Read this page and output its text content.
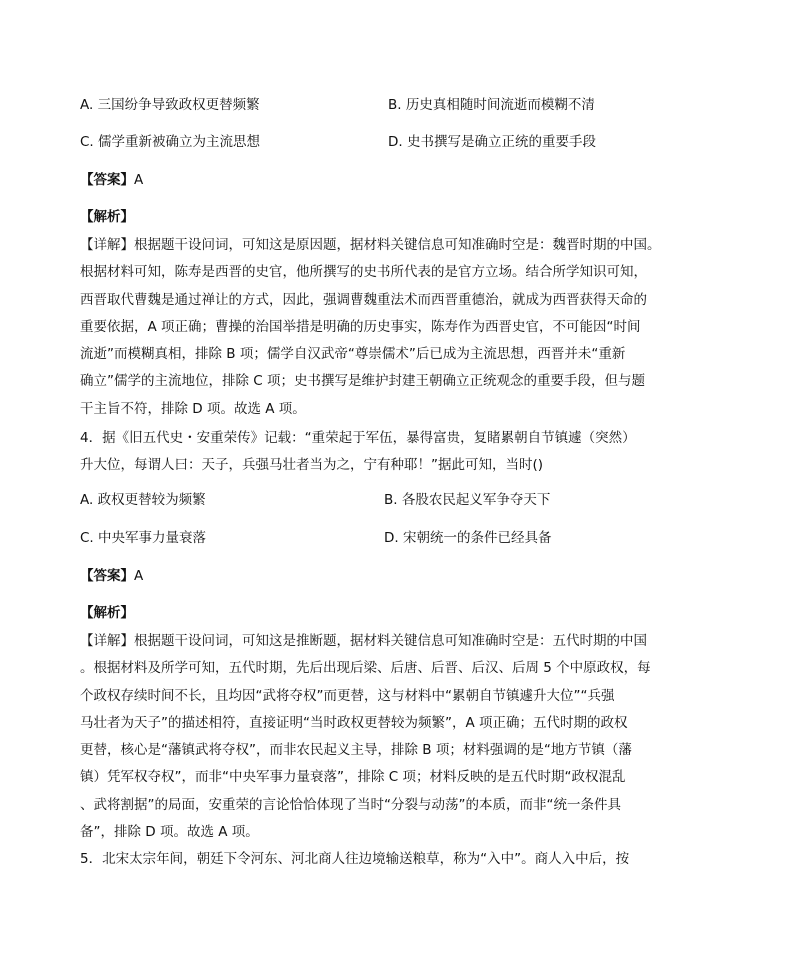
A. 三国纷争导致政权更替频繁	B. 历史真相随时间流逝而模糊不清
C. 儒学重新被确立为主流思想	D. 史书撰写是确立正统的重要手段
【答案】A
【解析】
【详解】根据题干设问词，可知这是原因题，据材料关键信息可知准确时空是：魏晋时期的中国。
根据材料可知，陈寿是西晋的史官，他所撰写的史书所代表的是官方立场。结合所学知识可知，
西晋取代曹魏是通过禅让的方式，因此，强调曹魏重法术而西晋重德治，就成为西晋获得天命的
重要依据，A 项正确；曹操的治国举措是明确的历史事实，陈寿作为西晋史官，不可能因“时间
流逝”而模糊真相，排除 B 项；儒学自汉武帝“尊崇儒术”后已成为主流思想，西晋并未“重新
确立”儒学的主流地位，排除 C 项；史书撰写是维护封建王朝确立正统观念的重要手段，但与题
干主旨不符，排除 D 项。故选 A 项。
4．据《旧五代史・安重荣传》记载：“重荣起于军伍，暴得富贵，复睹累朝自节镇遽（突然）
升大位，每谓人曰：天子，兵强马壮者当为之，宁有种耶！”据此可知，当时()
A. 政权更替较为频繁	B. 各股农民起义军争夺天下
C. 中央军事力量衰落	D. 宋朝统一的条件已经具备
【答案】A
【解析】
【详解】根据题干设问词，可知这是推断题，据材料关键信息可知准确时空是：五代时期的中国
。根据材料及所学可知，五代时期，先后出现后梁、后唐、后晋、后汉、后周 5 个中原政权，每
个政权存续时间不长，且均因“武将夺权”而更替，这与材料中“累朝自节镇遽升大位”“兵强
马壮者为天子”的描述相符，直接证明“当时政权更替较为频繁”，A 项正确；五代时期的政权
更替，核心是“藩镇武将夺权”，而非农民起义主导，排除 B 项；材料强调的是“地方节镇（藩
镇）凭军权夺权”，而非“中央军事力量衰落”，排除 C 项；材料反映的是五代时期“政权混乱
、武将割据”的局面，安重荣的言论恰恰体现了当时“分裂与动荡”的本质，而非“统一条件具
备”，排除 D 项。故选 A 项。
5．北宋太宗年间，朝廷下令河东、河北商人往边境输送粮草，称为“入中”。商人入中后，按
